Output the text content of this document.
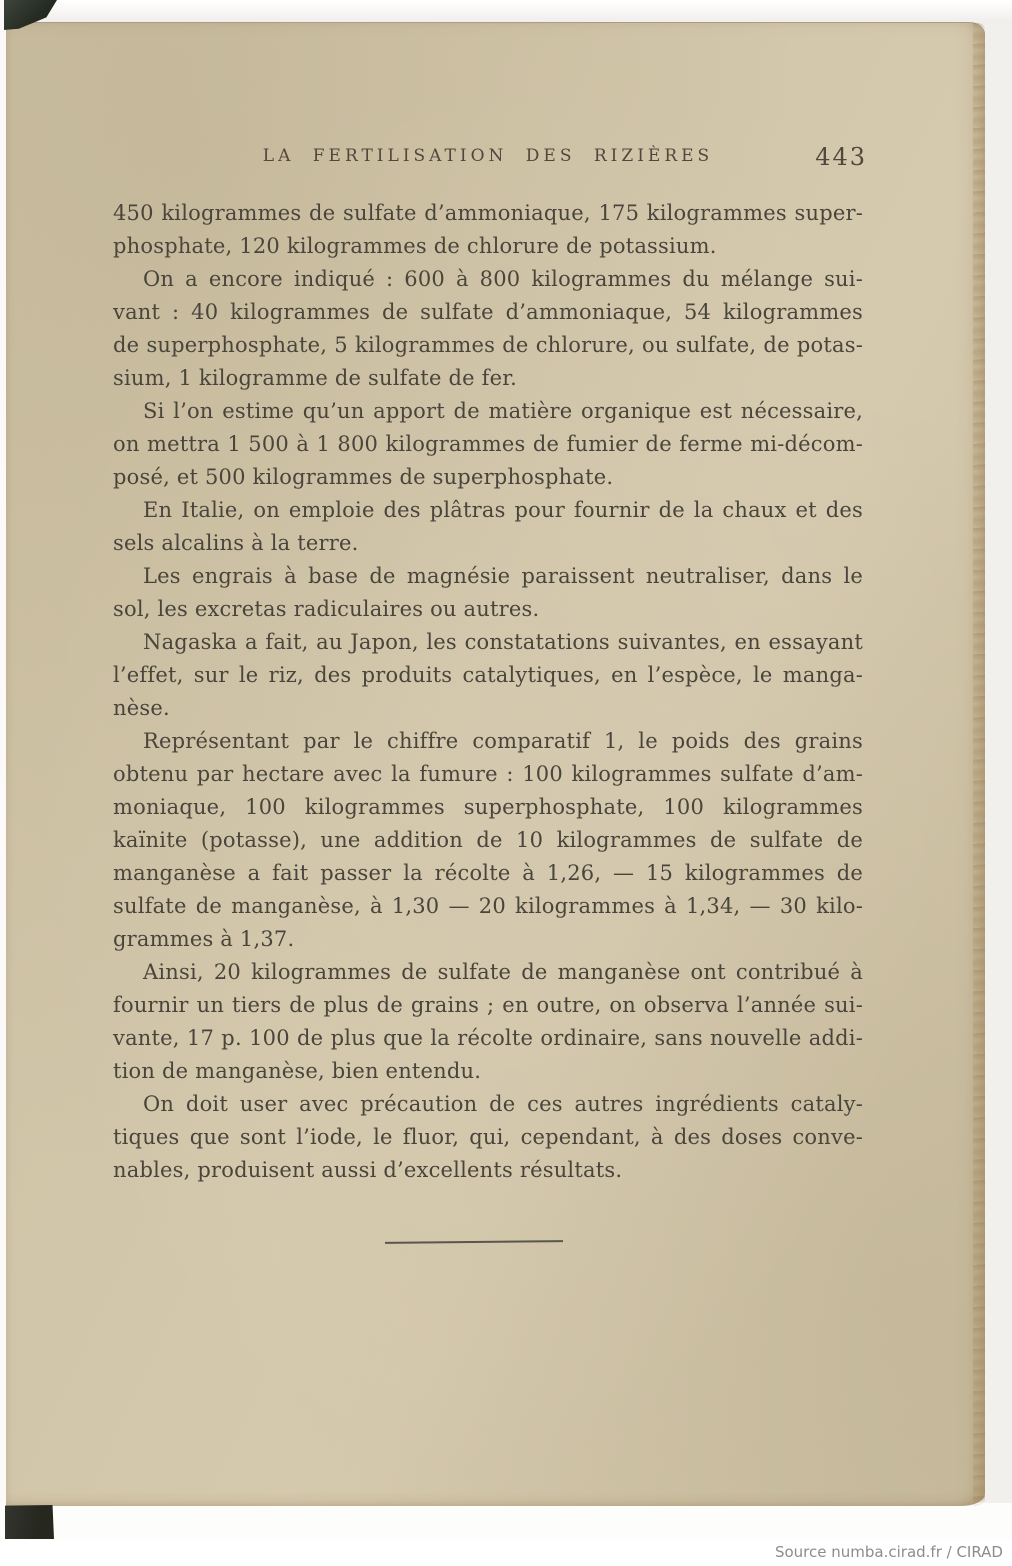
LA FERTILISATION DES RIZIÈRES	443
450 kilogrammes de sulfate d’ammoniaque, 175 kilogrammes super-
phosphate, 120 kilogrammes de chlorure de potassium.
On a encore indiqué : 600 à 800 kilogrammes du mélange sui-
vant : 40 kilogrammes de sulfate d’ammoniaque, 54 kilogrammes
de superphosphate, 5 kilogrammes de chlorure, ou sulfate, de potas-
sium, 1 kilogramme de sulfate de fer.
Si l’on estime qu’un apport de matière organique est nécessaire,
on mettra 1 500 à 1 800 kilogrammes de fumier de ferme mi-décom-
posé, et 500 kilogrammes de superphosphate.
En Italie, on emploie des plâtras pour fournir de la chaux et des
sels alcalins à la terre.
Les engrais à base de magnésie paraissent neutraliser, dans le
sol, les excretas radiculaires ou autres.
Nagaska a fait, au Japon, les constatations suivantes, en essayant
l’effet, sur le riz, des produits catalytiques, en l’espèce, le manga-
nèse.
Représentant par le chiffre comparatif 1, le poids des grains
obtenu par hectare avec la fumure : 100 kilogrammes sulfate d’am-
moniaque, 100 kilogrammes superphosphate, 100 kilogrammes
kaïnite (potasse), une addition de 10 kilogrammes de sulfate de
manganèse a fait passer la récolte à 1,26, — 15 kilogrammes de
sulfate de manganèse, à 1,30 — 20 kilogrammes à 1,34, — 30 kilo-
grammes à 1,37.
Ainsi, 20 kilogrammes de sulfate de manganèse ont contribué à
fournir un tiers de plus de grains ; en outre, on observa l’année sui-
vante, 17 p. 100 de plus que la récolte ordinaire, sans nouvelle addi-
tion de manganèse, bien entendu.
On doit user avec précaution de ces autres ingrédients cataly-
tiques que sont l’iode, le fluor, qui, cependant, à des doses conve-
nables, produisent aussi d’excellents résultats.
Source numba.cirad.fr / CIRAD
